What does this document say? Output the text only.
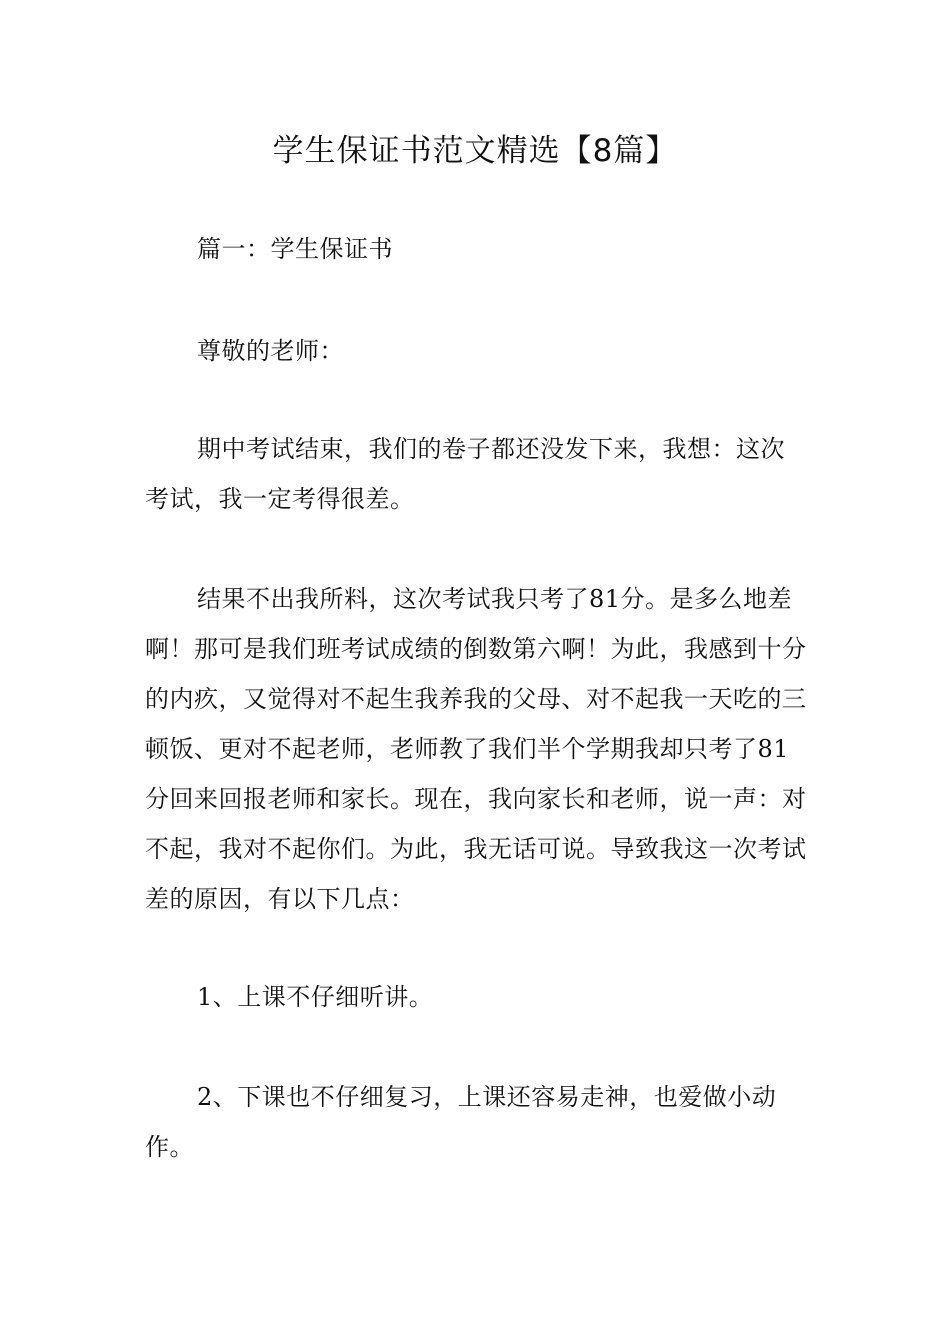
学生保证书范文精选【8篇】
篇一：学生保证书
尊敬的老师：
期中考试结束，我们的卷子都还没发下来，我想：这次考试，我一定考得很差。
结果不出我所料，这次考试我只考了81分。是多么地差啊！那可是我们班考试成绩的倒数第六啊！为此，我感到十分的内疚，又觉得对不起生我养我的父母、对不起我一天吃的三顿饭、更对不起老师，老师教了我们半个学期我却只考了81分回来回报老师和家长。现在，我向家长和老师，说一声：对不起，我对不起你们。为此，我无话可说。导致我这一次考试差的原因，有以下几点：
1、上课不仔细听讲。
2、下课也不仔细复习，上课还容易走神，也爱做小动作。
